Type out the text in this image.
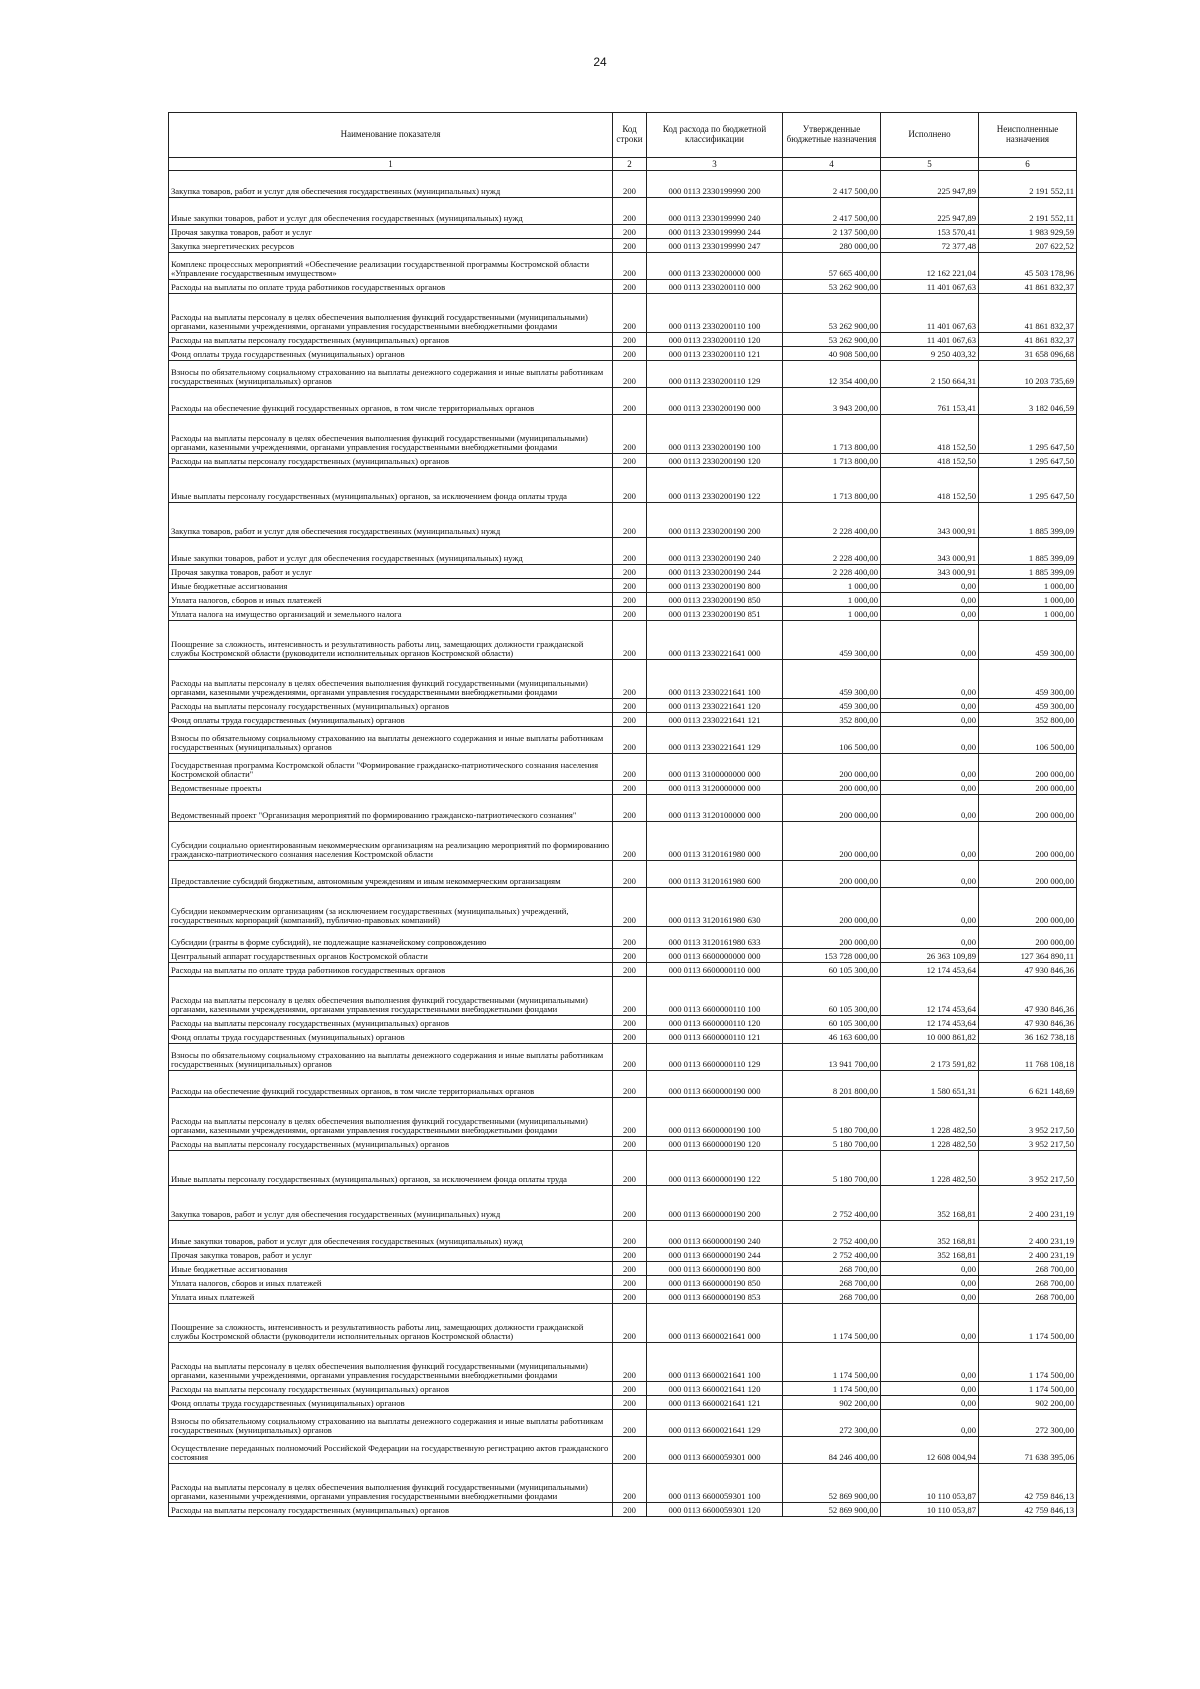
24
Наименование показателя	Код строки	Код расхода по бюджетной классификации	Утвержденные бюджетные назначения	Исполнено	Неисполненные назначения
1	2	3	4	5	6
Закупка товаров, работ и услуг для обеспечения государственных (муниципальных) нужд	200	000 0113 2330199990 200	2 417 500,00	225 947,89	2 191 552,11
Иные закупки товаров, работ и услуг для обеспечения государственных (муниципальных) нужд	200	000 0113 2330199990 240	2 417 500,00	225 947,89	2 191 552,11
Прочая закупка товаров, работ и услуг	200	000 0113 2330199990 244	2 137 500,00	153 570,41	1 983 929,59
Закупка энергетических ресурсов	200	000 0113 2330199990 247	280 000,00	72 377,48	207 622,52
Комплекс процессных мероприятий «Обеспечение реализации государственной программы Костромской области «Управление государственным имуществом»	200	000 0113 2330200000 000	57 665 400,00	12 162 221,04	45 503 178,96
Расходы на выплаты по оплате труда работников государственных органов	200	000 0113 2330200110 000	53 262 900,00	11 401 067,63	41 861 832,37
Расходы на выплаты персоналу в целях обеспечения выполнения функций государственными (муниципальными) органами, казенными учреждениями, органами управления государственными внебюджетными фондами	200	000 0113 2330200110 100	53 262 900,00	11 401 067,63	41 861 832,37
Расходы на выплаты персоналу государственных (муниципальных) органов	200	000 0113 2330200110 120	53 262 900,00	11 401 067,63	41 861 832,37
Фонд оплаты труда государственных (муниципальных) органов	200	000 0113 2330200110 121	40 908 500,00	9 250 403,32	31 658 096,68
Взносы по обязательному социальному страхованию на выплаты денежного содержания и иные выплаты работникам государственных (муниципальных) органов	200	000 0113 2330200110 129	12 354 400,00	2 150 664,31	10 203 735,69
Расходы на обеспечение функций государственных органов, в том числе территориальных органов	200	000 0113 2330200190 000	3 943 200,00	761 153,41	3 182 046,59
Расходы на выплаты персоналу в целях обеспечения выполнения функций государственными (муниципальными) органами, казенными учреждениями, органами управления государственными внебюджетными фондами	200	000 0113 2330200190 100	1 713 800,00	418 152,50	1 295 647,50
Расходы на выплаты персоналу государственных (муниципальных) органов	200	000 0113 2330200190 120	1 713 800,00	418 152,50	1 295 647,50
Иные выплаты персоналу государственных (муниципальных) органов, за исключением фонда оплаты труда	200	000 0113 2330200190 122	1 713 800,00	418 152,50	1 295 647,50
Закупка товаров, работ и услуг для обеспечения государственных (муниципальных) нужд	200	000 0113 2330200190 200	2 228 400,00	343 000,91	1 885 399,09
Иные закупки товаров, работ и услуг для обеспечения государственных (муниципальных) нужд	200	000 0113 2330200190 240	2 228 400,00	343 000,91	1 885 399,09
Прочая закупка товаров, работ и услуг	200	000 0113 2330200190 244	2 228 400,00	343 000,91	1 885 399,09
Иные бюджетные ассигнования	200	000 0113 2330200190 800	1 000,00	0,00	1 000,00
Уплата налогов, сборов и иных платежей	200	000 0113 2330200190 850	1 000,00	0,00	1 000,00
Уплата налога на имущество организаций и земельного налога	200	000 0113 2330200190 851	1 000,00	0,00	1 000,00
Поощрение за сложность, интенсивность и результативность работы лиц, замещающих должности гражданской службы Костромской области (руководители исполнительных органов Костромской области)	200	000 0113 2330221641 000	459 300,00	0,00	459 300,00
Расходы на выплаты персоналу в целях обеспечения выполнения функций государственными (муниципальными) органами, казенными учреждениями, органами управления государственными внебюджетными фондами	200	000 0113 2330221641 100	459 300,00	0,00	459 300,00
Расходы на выплаты персоналу государственных (муниципальных) органов	200	000 0113 2330221641 120	459 300,00	0,00	459 300,00
Фонд оплаты труда государственных (муниципальных) органов	200	000 0113 2330221641 121	352 800,00	0,00	352 800,00
Взносы по обязательному социальному страхованию на выплаты денежного содержания и иные выплаты работникам государственных (муниципальных) органов	200	000 0113 2330221641 129	106 500,00	0,00	106 500,00
Государственная программа Костромской области "Формирование гражданско-патриотического сознания населения Костромской области"	200	000 0113 3100000000 000	200 000,00	0,00	200 000,00
Ведомственные проекты	200	000 0113 3120000000 000	200 000,00	0,00	200 000,00
Ведомственный проект "Организация мероприятий по формированию гражданско-патриотического сознания"	200	000 0113 3120100000 000	200 000,00	0,00	200 000,00
Субсидии социально ориентированным некоммерческим организациям на реализацию мероприятий по формированию гражданско-патриотического сознания населения Костромской области	200	000 0113 3120161980 000	200 000,00	0,00	200 000,00
Предоставление субсидий бюджетным, автономным учреждениям и иным некоммерческим организациям	200	000 0113 3120161980 600	200 000,00	0,00	200 000,00
Субсидии некоммерческим организациям (за исключением государственных (муниципальных) учреждений, государственных корпораций (компаний), публично-правовых компаний)	200	000 0113 3120161980 630	200 000,00	0,00	200 000,00
Субсидии (гранты в форме субсидий), не подлежащие казначейскому сопровождению	200	000 0113 3120161980 633	200 000,00	0,00	200 000,00
Центральный аппарат государственных органов Костромской области	200	000 0113 6600000000 000	153 728 000,00	26 363 109,89	127 364 890,11
Расходы на выплаты по оплате труда работников государственных органов	200	000 0113 6600000110 000	60 105 300,00	12 174 453,64	47 930 846,36
Расходы на выплаты персоналу в целях обеспечения выполнения функций государственными (муниципальными) органами, казенными учреждениями, органами управления государственными внебюджетными фондами	200	000 0113 6600000110 100	60 105 300,00	12 174 453,64	47 930 846,36
Расходы на выплаты персоналу государственных (муниципальных) органов	200	000 0113 6600000110 120	60 105 300,00	12 174 453,64	47 930 846,36
Фонд оплаты труда государственных (муниципальных) органов	200	000 0113 6600000110 121	46 163 600,00	10 000 861,82	36 162 738,18
Взносы по обязательному социальному страхованию на выплаты денежного содержания и иные выплаты работникам государственных (муниципальных) органов	200	000 0113 6600000110 129	13 941 700,00	2 173 591,82	11 768 108,18
Расходы на обеспечение функций государственных органов, в том числе территориальных органов	200	000 0113 6600000190 000	8 201 800,00	1 580 651,31	6 621 148,69
Расходы на выплаты персоналу в целях обеспечения выполнения функций государственными (муниципальными) органами, казенными учреждениями, органами управления государственными внебюджетными фондами	200	000 0113 6600000190 100	5 180 700,00	1 228 482,50	3 952 217,50
Расходы на выплаты персоналу государственных (муниципальных) органов	200	000 0113 6600000190 120	5 180 700,00	1 228 482,50	3 952 217,50
Иные выплаты персоналу государственных (муниципальных) органов, за исключением фонда оплаты труда	200	000 0113 6600000190 122	5 180 700,00	1 228 482,50	3 952 217,50
Закупка товаров, работ и услуг для обеспечения государственных (муниципальных) нужд	200	000 0113 6600000190 200	2 752 400,00	352 168,81	2 400 231,19
Иные закупки товаров, работ и услуг для обеспечения государственных (муниципальных) нужд	200	000 0113 6600000190 240	2 752 400,00	352 168,81	2 400 231,19
Прочая закупка товаров, работ и услуг	200	000 0113 6600000190 244	2 752 400,00	352 168,81	2 400 231,19
Иные бюджетные ассигнования	200	000 0113 6600000190 800	268 700,00	0,00	268 700,00
Уплата налогов, сборов и иных платежей	200	000 0113 6600000190 850	268 700,00	0,00	268 700,00
Уплата иных платежей	200	000 0113 6600000190 853	268 700,00	0,00	268 700,00
Поощрение за сложность, интенсивность и результативность работы лиц, замещающих должности гражданской службы Костромской области (руководители исполнительных органов Костромской области)	200	000 0113 6600021641 000	1 174 500,00	0,00	1 174 500,00
Расходы на выплаты персоналу в целях обеспечения выполнения функций государственными (муниципальными) органами, казенными учреждениями, органами управления государственными внебюджетными фондами	200	000 0113 6600021641 100	1 174 500,00	0,00	1 174 500,00
Расходы на выплаты персоналу государственных (муниципальных) органов	200	000 0113 6600021641 120	1 174 500,00	0,00	1 174 500,00
Фонд оплаты труда государственных (муниципальных) органов	200	000 0113 6600021641 121	902 200,00	0,00	902 200,00
Взносы по обязательному социальному страхованию на выплаты денежного содержания и иные выплаты работникам государственных (муниципальных) органов	200	000 0113 6600021641 129	272 300,00	0,00	272 300,00
Осуществление переданных полномочий Российской Федерации на государственную регистрацию актов гражданского состояния	200	000 0113 6600059301 000	84 246 400,00	12 608 004,94	71 638 395,06
Расходы на выплаты персоналу в целях обеспечения выполнения функций государственными (муниципальными) органами, казенными учреждениями, органами управления государственными внебюджетными фондами	200	000 0113 6600059301 100	52 869 900,00	10 110 053,87	42 759 846,13
Расходы на выплаты персоналу государственных (муниципальных) органов	200	000 0113 6600059301 120	52 869 900,00	10 110 053,87	42 759 846,13
